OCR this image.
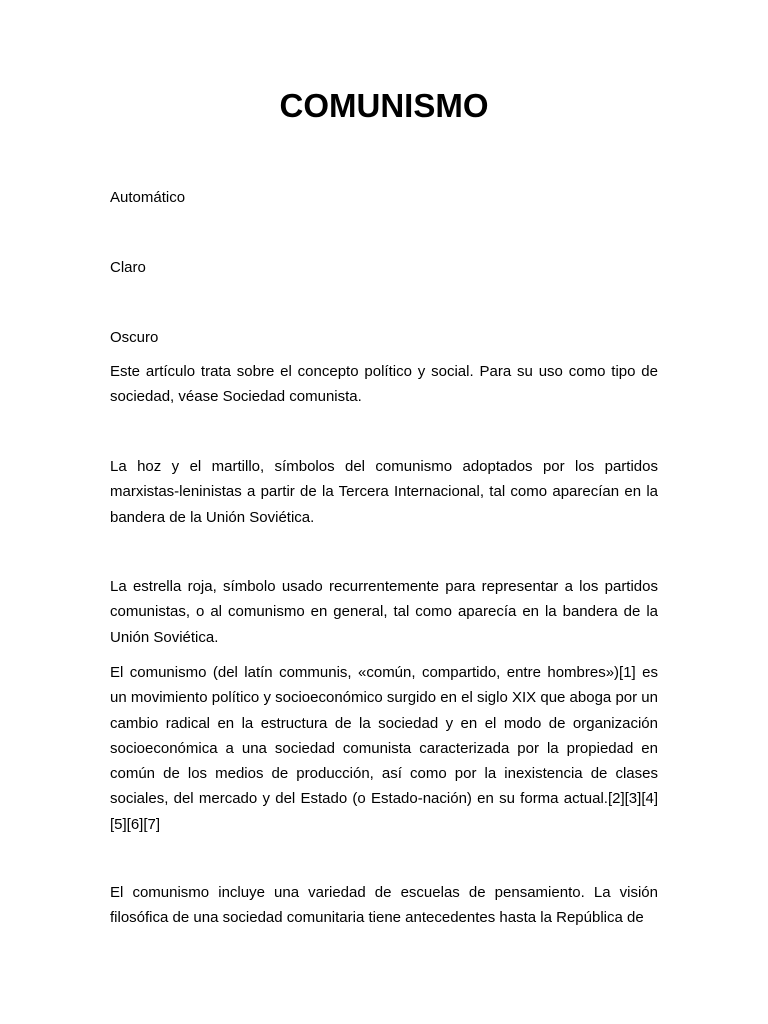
COMUNISMO

Automático

Claro

Oscuro

Este artículo trata sobre el concepto político y social. Para su uso como tipo de sociedad, véase Sociedad comunista.

La hoz y el martillo, símbolos del comunismo adoptados por los partidos marxistas-leninistas a partir de la Tercera Internacional, tal como aparecían en la bandera de la Unión Soviética.

La estrella roja, símbolo usado recurrentemente para representar a los partidos comunistas, o al comunismo en general, tal como aparecía en la bandera de la Unión Soviética.

El comunismo (del latín communis, «común, compartido, entre hombres»)[1] es un movimiento político y socioeconómico surgido en el siglo XIX que aboga por un cambio radical en la estructura de la sociedad y en el modo de organización socioeconómica a una sociedad comunista caracterizada por la propiedad en común de los medios de producción, así como por la inexistencia de clases sociales, del mercado y del Estado (o Estado-nación) en su forma actual.[2][3][4][5][6][7]

El comunismo incluye una variedad de escuelas de pensamiento. La visión filosófica de una sociedad comunitaria tiene antecedentes hasta la República de
